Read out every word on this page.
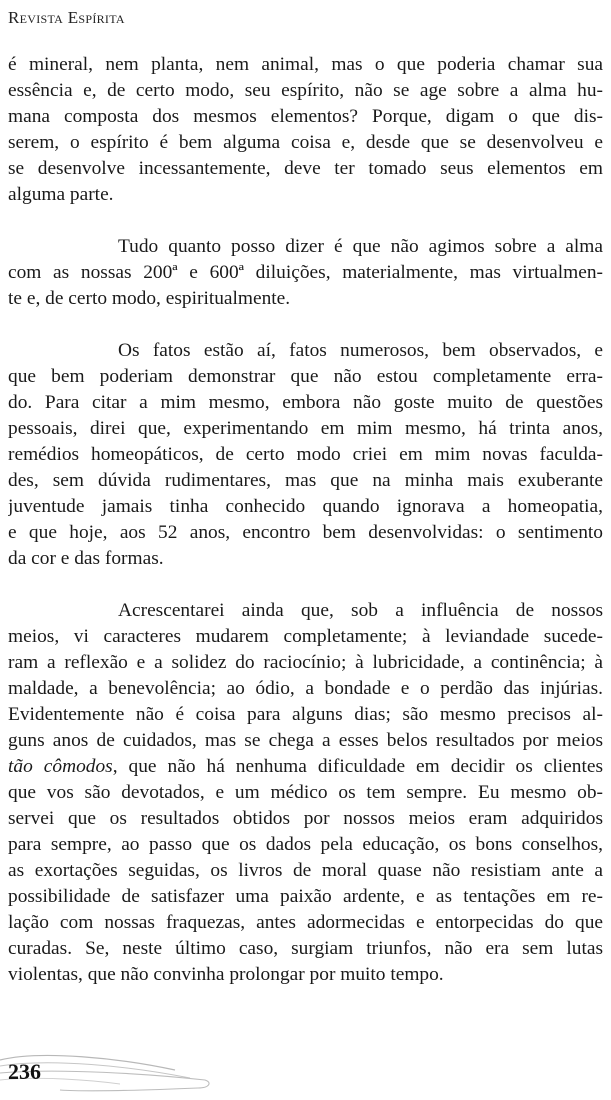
Revista Espírita
é mineral, nem planta, nem animal, mas o que poderia chamar sua
essência e, de certo modo, seu espírito, não se age sobre a alma hu-
mana composta dos mesmos elementos? Porque, digam o que dis-
serem, o espírito é bem alguma coisa e, desde que se desenvolveu e
se desenvolve incessantemente, deve ter tomado seus elementos em
alguma parte.
Tudo quanto posso dizer é que não agimos sobre a alma
com as nossas 200ª e 600ª diluições, materialmente, mas virtualmen-
te e, de certo modo, espiritualmente.
Os fatos estão aí, fatos numerosos, bem observados, e
que bem poderiam demonstrar que não estou completamente erra-
do. Para citar a mim mesmo, embora não goste muito de questões
pessoais, direi que, experimentando em mim mesmo, há trinta anos,
remédios homeopáticos, de certo modo criei em mim novas faculda-
des, sem dúvida rudimentares, mas que na minha mais exuberante
juventude jamais tinha conhecido quando ignorava a homeopatia,
e que hoje, aos 52 anos, encontro bem desenvolvidas: o sentimento
da cor e das formas.
Acrescentarei ainda que, sob a influência de nossos
meios, vi caracteres mudarem completamente; à leviandade sucede-
ram a reflexão e a solidez do raciocínio; à lubricidade, a continência; à
maldade, a benevolência; ao ódio, a bondade e o perdão das injúrias.
Evidentemente não é coisa para alguns dias; são mesmo precisos al-
guns anos de cuidados, mas se chega a esses belos resultados por meios
tão cômodos, que não há nenhuma dificuldade em decidir os clientes
que vos são devotados, e um médico os tem sempre. Eu mesmo ob-
servei que os resultados obtidos por nossos meios eram adquiridos
para sempre, ao passo que os dados pela educação, os bons conselhos,
as exortações seguidas, os livros de moral quase não resistiam ante a
possibilidade de satisfazer uma paixão ardente, e as tentações em re-
lação com nossas fraquezas, antes adormecidas e entorpecidas do que
curadas. Se, neste último caso, surgiam triunfos, não era sem lutas
violentas, que não convinha prolongar por muito tempo.
236
